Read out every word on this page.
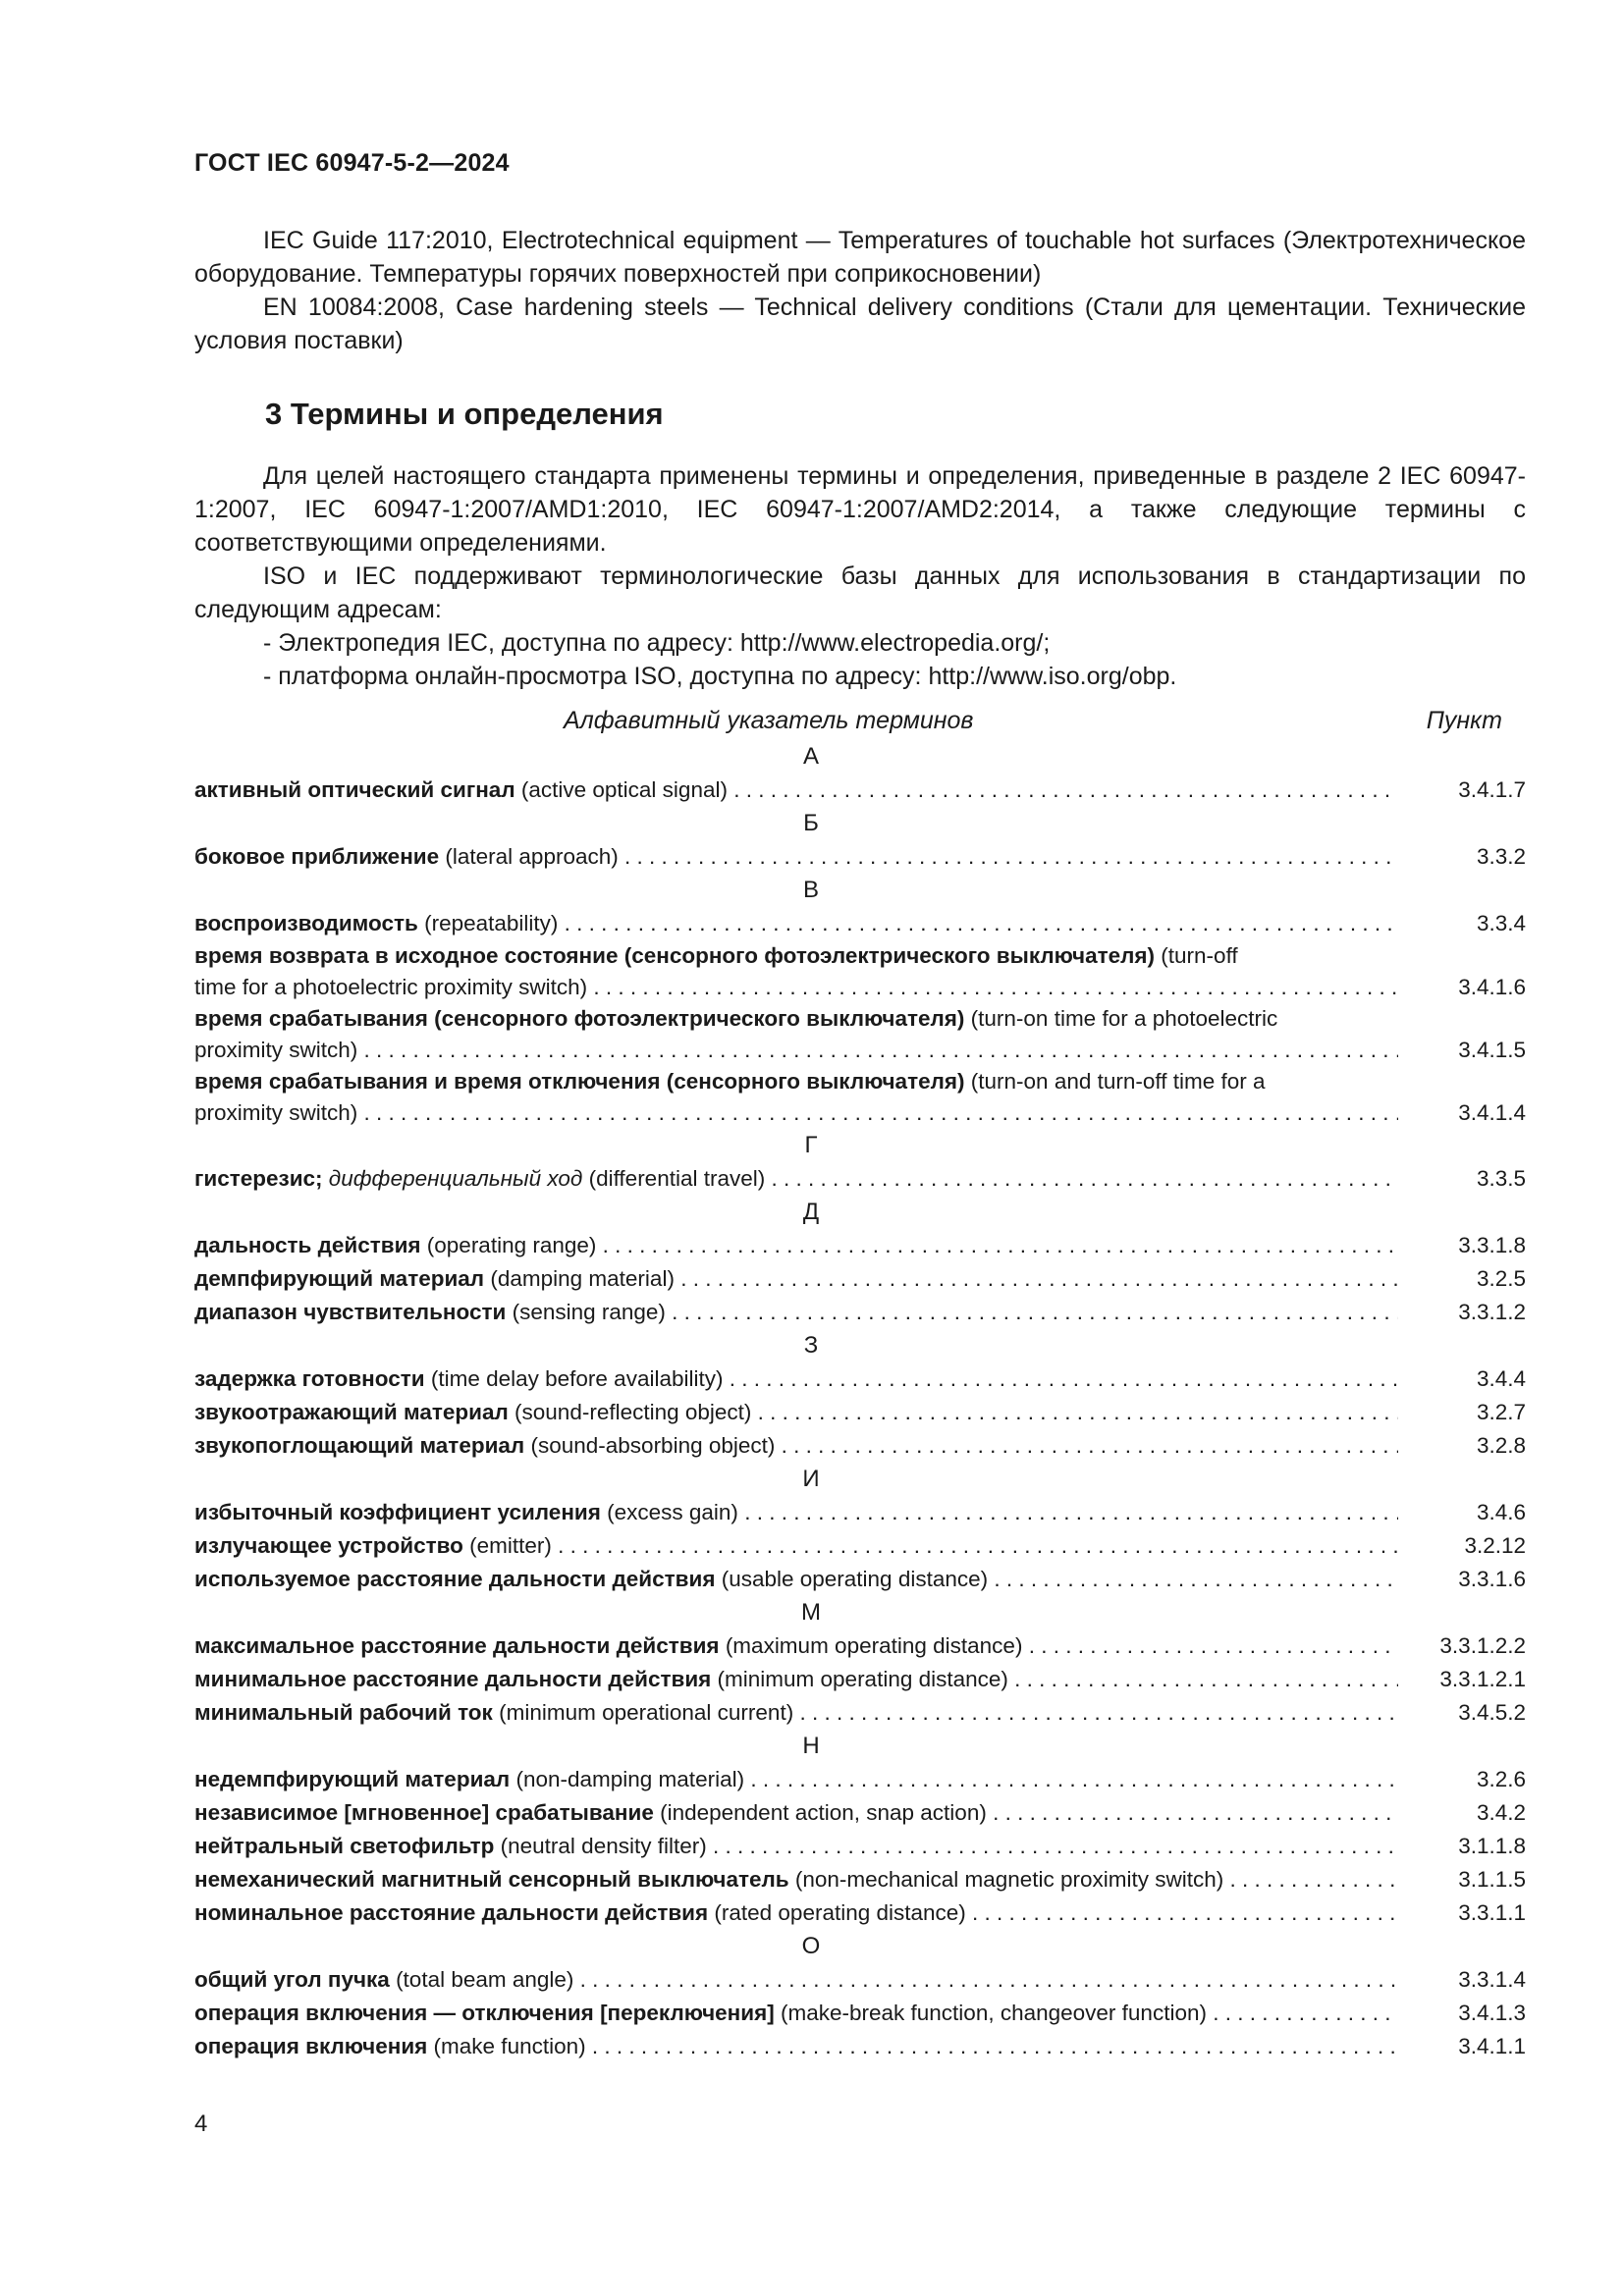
ГОСТ IEC 60947-5-2—2024

IEC Guide 117:2010, Electrotechnical equipment — Temperatures of touchable hot surfaces (Электротехническое оборудование. Температуры горячих поверхностей при соприкосновении)

EN 10084:2008, Case hardening steels — Technical delivery conditions (Стали для цементации. Технические условия поставки)

3 Термины и определения

Для целей настоящего стандарта применены термины и определения, приведенные в разделе 2 IEC 60947-1:2007, IEC 60947-1:2007/AMD1:2010, IEC 60947-1:2007/AMD2:2014, а также следующие термины с соответствующими определениями.

ISO и IEC поддерживают терминологические базы данных для использования в стандартизации по следующим адресам:

- Электропедия IEC, доступна по адресу: http://www.electropedia.org/;

- платформа онлайн-просмотра ISO, доступна по адресу: http://www.iso.org/obp.

Алфавитный указатель терминов	Пункт
А
активный оптический сигнал (active optical signal) . . .	3.4.1.7
Б
боковое приближение (lateral approach) . . .	3.3.2
В
воспроизводимость (repeatability) . . .	3.3.4
время возврата в исходное состояние (сенсорного фотоэлектрического выключателя) (turn-off
time for a photoelectric proximity switch) . . .	3.4.1.6
время срабатывания (сенсорного фотоэлектрического выключателя) (turn-on time for a photoelectric
proximity switch) . . .	3.4.1.5
время срабатывания и время отключения (сенсорного выключателя) (turn-on and turn-off time for a
proximity switch) . . .	3.4.1.4
Г
гистерезис; дифференциальный ход (differential travel) . . .	3.3.5
Д
дальность действия (operating range) . . .	3.3.1.8
демпфирующий материал (damping material) . . .	3.2.5
диапазон чувствительности (sensing range) . . .	3.3.1.2
З
задержка готовности (time delay before availability) . . .	3.4.4
звукоотражающий материал (sound-reflecting object) . . .	3.2.7
звукопоглощающий материал (sound-absorbing object) . . .	3.2.8
И
избыточный коэффициент усиления (excess gain) . . .	3.4.6
излучающее устройство (emitter) . . .	3.2.12
используемое расстояние дальности действия (usable operating distance) . . .	3.3.1.6
М
максимальное расстояние дальности действия (maximum operating distance) . . .	3.3.1.2.2
минимальное расстояние дальности действия (minimum operating distance) . . .	3.3.1.2.1
минимальный рабочий ток (minimum operational current) . . .	3.4.5.2
Н
недемпфирующий материал (non-damping material) . . .	3.2.6
независимое [мгновенное] срабатывание (independent action, snap action) . . .	3.4.2
нейтральный светофильтр (neutral density filter) . . .	3.1.1.8
немеханический магнитный сенсорный выключатель (non-mechanical magnetic proximity switch) . . .	3.1.1.5
номинальное расстояние дальности действия (rated operating distance) . . .	3.3.1.1
О
общий угол пучка (total beam angle) . . .	3.3.1.4
операция включения — отключения [переключения] (make-break function, changeover function) . . .	3.4.1.3
операция включения (make function) . . .	3.4.1.1
4
